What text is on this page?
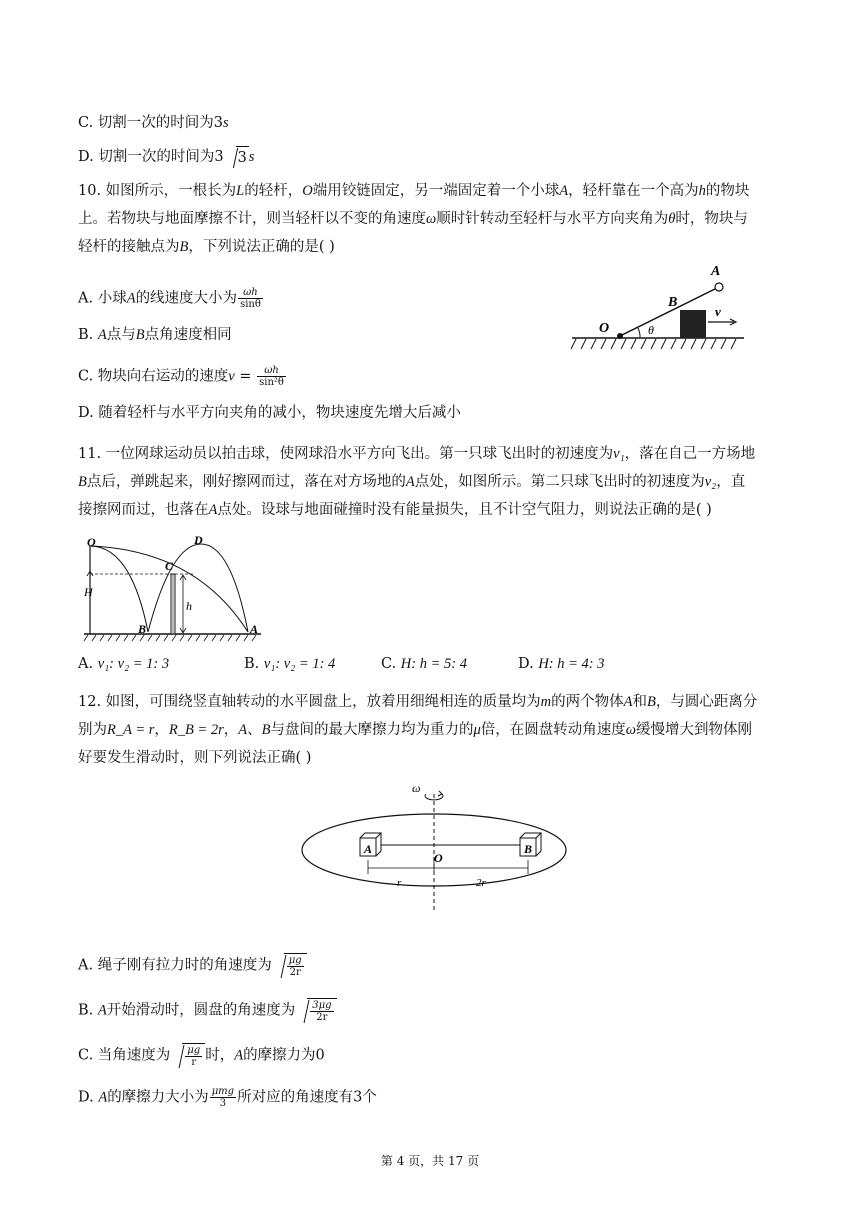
C. 切割一次的时间为3s
D. 切割一次的时间为3 3 s
10. 如图所示，一根长为L的轻杆，O端用铰链固定，另一端固定着一个小球A，轻杆靠在一个高为h的物块
上。若物块与地面摩擦不计，则当轻杆以不变的角速度ω顺时针转动至轻杆与水平方向夹角为θ时，物块与
轻杆的接触点为B，下列说法正确的是( )
A. 小球A的线速度大小为 $\frac{\omega h}{\sin\theta}$
B. A点与B点角速度相同
C. 物块向右运动的速度$v = \frac{\omega h}{\text{sin²θ}}$
D. 随着轻杆与水平方向夹角的减小，物块速度先增大后减小
A
B
O	θ
v
11. 一位网球运动员以拍击球，使网球沿水平方向飞出。第一只球飞出时的初速度为v₁，落在自己一方场地
B点后，弹跳起来，刚好擦网而过，落在对方场地的A点处，如图所示。第二只球飞出时的初速度为v₂，直
接擦网而过，也落在A点处。设球与地面碰撞时没有能量损失，且不计空气阻力，则说法正确的是( )
O	D
C
H
h
B	A
A. v₁: v₂ = 1: 3	B. v₁: v₂ = 1: 4	C. H: h = 5: 4	D. H: h = 4: 3
12. 如图，可围绕竖直轴转动的水平圆盘上，放着用细绳相连的质量均为m的两个物体A和B，与圆心距离分
别为R_A = r，R_B = 2r，A、B与盘间的最大摩擦力均为重力的μ倍，在圆盘转动角速度ω缓慢增大到物体刚
好要发生滑动时，则下列说法正确( )
ω
A	B
O
r	2r
A. 绳子刚有拉力时的角速度为 $\frac{\mu g}{2r}$
B. A开始滑动时，圆盘的角速度为 $\frac{3\mu g}{2r}$
C. 当角速度为 $\frac{\mu g}{r}$ 时，A的摩擦力为0
D. A的摩擦力大小为 $\frac{\text{μmg}}{3}$ 所对应的角速度有3个
第 4 页，共 17 页
